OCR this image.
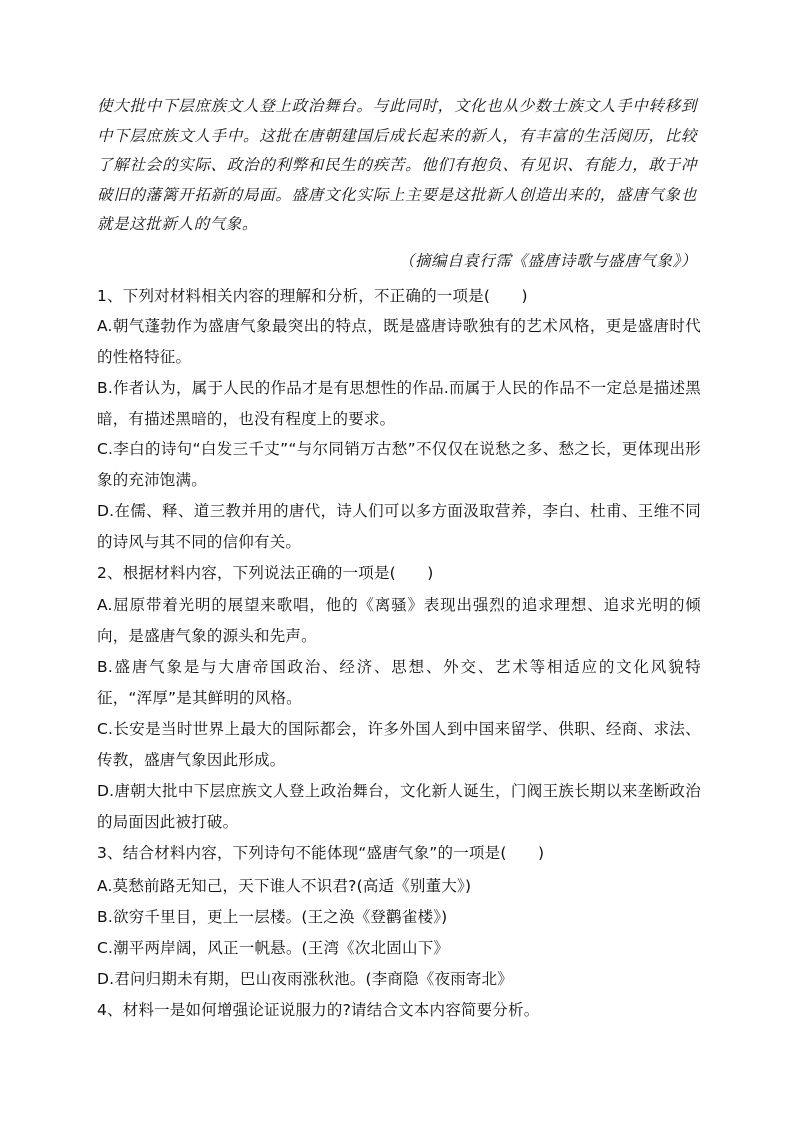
使大批中下层庶族文人登上政治舞台。与此同时，文化也从少数士族文人手中转移到中下层庶族文人手中。这批在唐朝建国后成长起来的新人，有丰富的生活阅历，比较了解社会的实际、政治的利弊和民生的疾苦。他们有抱负、有见识、有能力，敢于冲破旧的藩篱开拓新的局面。盛唐文化实际上主要是这批新人创造出来的，盛唐气象也就是这批新人的气象。

（摘编自袁行霈《盛唐诗歌与盛唐气象》）

1、下列对材料相关内容的理解和分析，不正确的一项是(　　)

A.朝气蓬勃作为盛唐气象最突出的特点，既是盛唐诗歌独有的艺术风格，更是盛唐时代的性格特征。

B.作者认为，属于人民的作品才是有思想性的作品.而属于人民的作品不一定总是描述黑暗，有描述黑暗的，也没有程度上的要求。

C.李白的诗句“白发三千丈”“与尔同销万古愁”不仅仅在说愁之多、愁之长，更体现出形象的充沛饱满。

D.在儒、释、道三教并用的唐代，诗人们可以多方面汲取营养，李白、杜甫、王维不同的诗风与其不同的信仰有关。

2、根据材料内容，下列说法正确的一项是(　　)

A.屈原带着光明的展望来歌唱，他的《离骚》表现出强烈的追求理想、追求光明的倾向，是盛唐气象的源头和先声。

B.盛唐气象是与大唐帝国政治、经济、思想、外交、艺术等相适应的文化风貌特征，“浑厚”是其鲜明的风格。

C.长安是当时世界上最大的国际都会，许多外国人到中国来留学、供职、经商、求法、传教，盛唐气象因此形成。

D.唐朝大批中下层庶族文人登上政治舞台，文化新人诞生，门阀王族长期以来垄断政治的局面因此被打破。

3、结合材料内容，下列诗句不能体现“盛唐气象”的一项是(　　)

A.莫愁前路无知己，天下谁人不识君?(高适《别董大》)

B.欲穷千里目，更上一层楼。(王之涣《登鹳雀楼》)

C.潮平两岸阔，风正一帆悬。(王湾《次北固山下》

D.君问归期未有期，巴山夜雨涨秋池。(李商隐《夜雨寄北》

4、材料一是如何增强论证说服力的?请结合文本内容简要分析。
